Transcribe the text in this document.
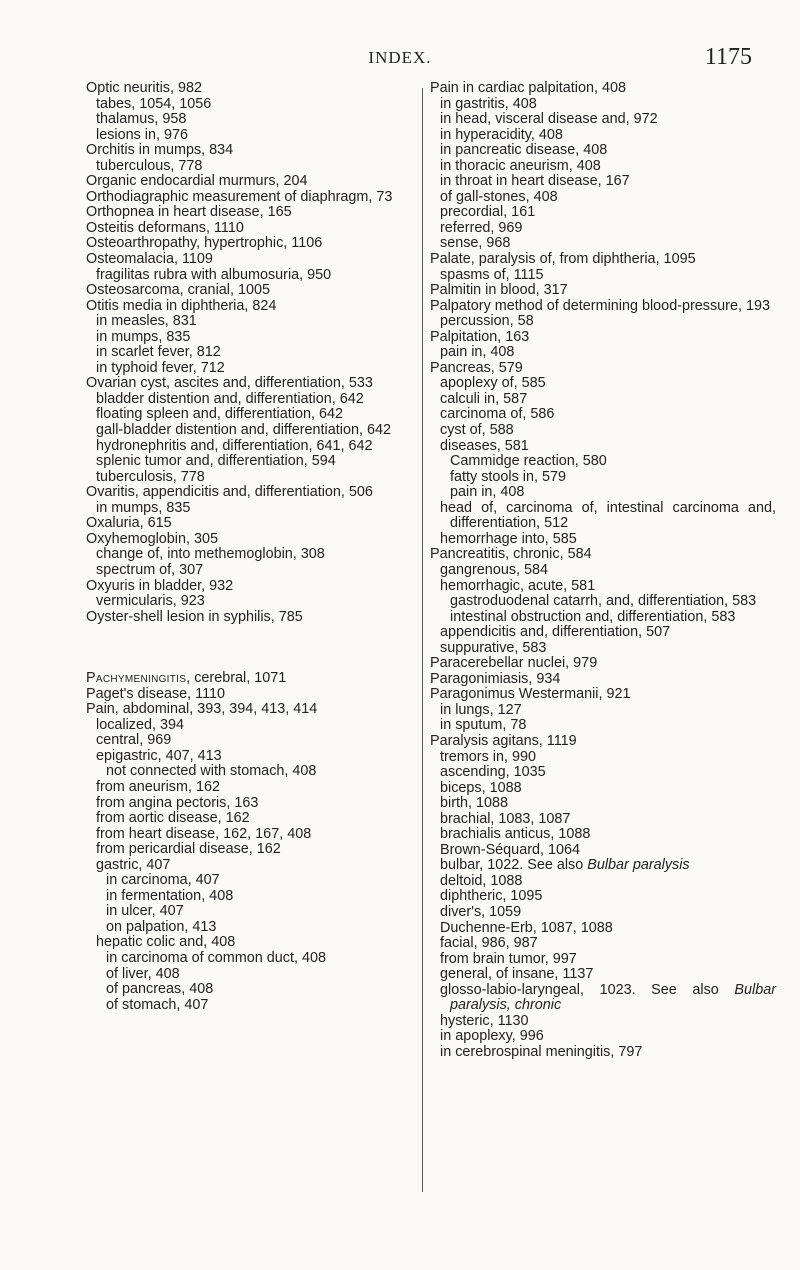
INDEX.	1175

Optic neuritis, 982

tabes, 1054, 1056

thalamus, 958

lesions in, 976

Orchitis in mumps, 834

tuberculous, 778

Organic endocardial murmurs, 204

Orthodiagraphic measurement of diaphragm, 73

Orthopnea in heart disease, 165

Osteitis deformans, 1110

Osteoarthropathy, hypertrophic, 1106

Osteomalacia, 1109

fragilitas rubra with albumosuria, 950

Osteosarcoma, cranial, 1005

Otitis media in diphtheria, 824

in measles, 831

in mumps, 835

in scarlet fever, 812

in typhoid fever, 712

Ovarian cyst, ascites and, differentiation, 533

bladder distention and, differentiation, 642

floating spleen and, differentiation, 642

gall-bladder distention and, differentiation, 642

hydronephritis and, differentiation, 641, 642

splenic tumor and, differentiation, 594

tuberculosis, 778

Ovaritis, appendicitis and, differentiation, 506

in mumps, 835

Oxaluria, 615

Oxyhemoglobin, 305

change of, into methemoglobin, 308

spectrum of, 307

Oxyuris in bladder, 932

vermicularis, 923

Oyster-shell lesion in syphilis, 785

Pachymeningitis, cerebral, 1071

Paget's disease, 1110

Pain, abdominal, 393, 394, 413, 414

localized, 394

central, 969

epigastric, 407, 413

not connected with stomach, 408

from aneurism, 162

from angina pectoris, 163

from aortic disease, 162

from heart disease, 162, 167, 408

from pericardial disease, 162

gastric, 407

in carcinoma, 407

in fermentation, 408

in ulcer, 407

on palpation, 413

hepatic colic and, 408

in carcinoma of common duct, 408

of liver, 408

of pancreas, 408

of stomach, 407

Pain in cardiac palpitation, 408

in gastritis, 408

in head, visceral disease and, 972

in hyperacidity, 408

in pancreatic disease, 408

in thoracic aneurism, 408

in throat in heart disease, 167

of gall-stones, 408

precordial, 161

referred, 969

sense, 968

Palate, paralysis of, from diphtheria, 1095

spasms of, 1115

Palmitin in blood, 317

Palpatory method of determining blood-pressure, 193

percussion, 58

Palpitation, 163

pain in, 408

Pancreas, 579

apoplexy of, 585

calculi in, 587

carcinoma of, 586

cyst of, 588

diseases, 581

Cammidge reaction, 580

fatty stools in, 579

pain in, 408

head of, carcinoma of, intestinal carcinoma and, differentiation, 512

hemorrhage into, 585

Pancreatitis, chronic, 584

gangrenous, 584

hemorrhagic, acute, 581

gastroduodenal catarrh, and, differentiation, 583

intestinal obstruction and, differentiation, 583

appendicitis and, differentiation, 507

suppurative, 583

Paracerebellar nuclei, 979

Paragonimiasis, 934

Paragonimus Westermanii, 921

in lungs, 127

in sputum, 78

Paralysis agitans, 1119

tremors in, 990

ascending, 1035

biceps, 1088

birth, 1088

brachial, 1083, 1087

brachialis anticus, 1088

Brown-Séquard, 1064

bulbar, 1022. See also Bulbar paralysis

deltoid, 1088

diphtheric, 1095

diver's, 1059

Duchenne-Erb, 1087, 1088

facial, 986, 987

from brain tumor, 997

general, of insane, 1137

glosso-labio-laryngeal, 1023. See also Bulbar paralysis, chronic

hysteric, 1130

in apoplexy, 996

in cerebrospinal meningitis, 797
